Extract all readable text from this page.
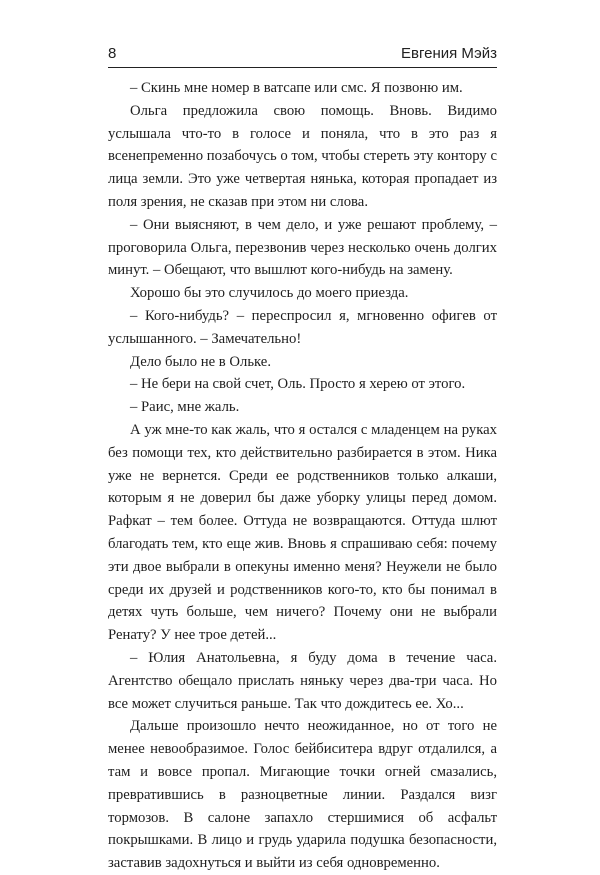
8	Евгения Мэйз

– Скинь мне номер в ватсапе или смс. Я позвоню им.

Ольга предложила свою помощь. Вновь. Видимо услышала что-то в голосе и поняла, что в это раз я всенепременно позабочусь о том, чтобы стереть эту контору с лица земли. Это уже четвертая нянька, которая пропадает из поля зрения, не сказав при этом ни слова.

– Они выясняют, в чем дело, и уже решают проблему, – проговорила Ольга, перезвонив через несколько очень долгих минут. – Обещают, что вышлют кого-нибудь на замену.

Хорошо бы это случилось до моего приезда.

– Кого-нибудь? – переспросил я, мгновенно офигев от услышанного. – Замечательно!

Дело было не в Ольке.

– Не бери на свой счет, Оль. Просто я херею от этого.

– Раис, мне жаль.

А уж мне-то как жаль, что я остался с младенцем на руках без помощи тех, кто действительно разбирается в этом. Ника уже не вернется. Среди ее родственников только алкаши, которым я не доверил бы даже уборку улицы перед домом. Рафкат – тем более. Оттуда не возвращаются. Оттуда шлют благодать тем, кто еще жив. Вновь я спрашиваю себя: почему эти двое выбрали в опекуны именно меня? Неужели не было среди их друзей и родственников кого-то, кто бы понимал в детях чуть больше, чем ничего? Почему они не выбрали Ренату? У нее трое детей...

– Юлия Анатольевна, я буду дома в течение часа. Агентство обещало прислать няньку через два-три часа. Но все может случиться раньше. Так что дождитесь ее. Хо...

Дальше произошло нечто неожиданное, но от того не менее невообразимое. Голос бейбиситера вдруг отдалился, а там и вовсе пропал. Мигающие точки огней смазались, превратившись в разноцветные линии. Раздался визг тормозов. В салоне запахло стершимися об асфальт покрышками. В лицо и грудь ударила подушка безопасности, заставив задохнуться и выйти из себя одновременно.
